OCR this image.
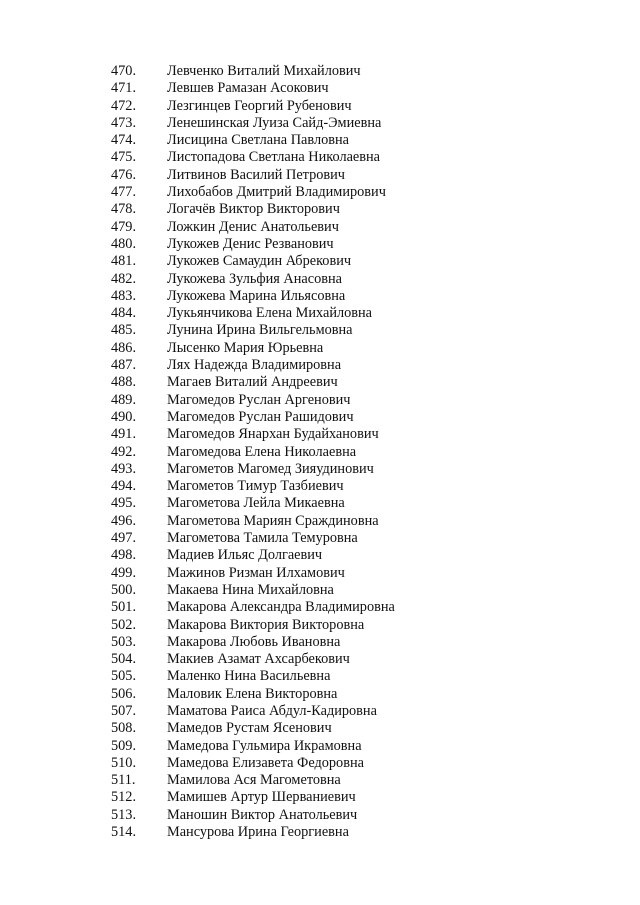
470. Левченко Виталий Михайлович
471. Левшев Рамазан Асокович
472. Лезгинцев Георгий Рубенович
473. Ленешинская Луиза Сайд-Эмиевна
474. Лисицина Светлана Павловна
475. Листопадова Светлана Николаевна
476. Литвинов Василий Петрович
477. Лихобабов Дмитрий Владимирович
478. Логачёв Виктор Викторович
479. Ложкин Денис Анатольевич
480. Лукожев Денис Резванович
481. Лукожев Самаудин Абрекович
482. Лукожева Зульфия Анасовна
483. Лукожева Марина Ильясовна
484. Лукьянчикова Елена Михайловна
485. Лунина Ирина Вильгельмовна
486. Лысенко Мария Юрьевна
487. Лях Надежда Владимировна
488. Магаев Виталий Андреевич
489. Магомедов Руслан Аргенович
490. Магомедов Руслан Рашидович
491. Магомедов Янархан Будайханович
492. Магомедова Елена Николаевна
493. Магометов Магомед Зияудинович
494. Магометов Тимур Тазбиевич
495. Магометова Лейла Микаевна
496. Магометова Мариян Сраждиновна
497. Магометова Тамила Темуровна
498. Мадиев Ильяс Долгаевич
499. Мажинов Ризман Илхамович
500. Макаева Нина Михайловна
501. Макарова Александра Владимировна
502. Макарова Виктория Викторовна
503. Макарова Любовь Ивановна
504. Макиев Азамат Ахсарбекович
505. Маленко Нина Васильевна
506. Маловик Елена Викторовна
507. Маматова Раиса Абдул-Кадировна
508. Мамедов Рустам Ясенович
509. Мамедова Гульмира Икрамовна
510. Мамедова Елизавета Федоровна
511. Мамилова Ася Магометовна
512. Мамишев Артур Шерваниевич
513. Маношин Виктор Анатольевич
514. Мансурова Ирина Георгиевна
